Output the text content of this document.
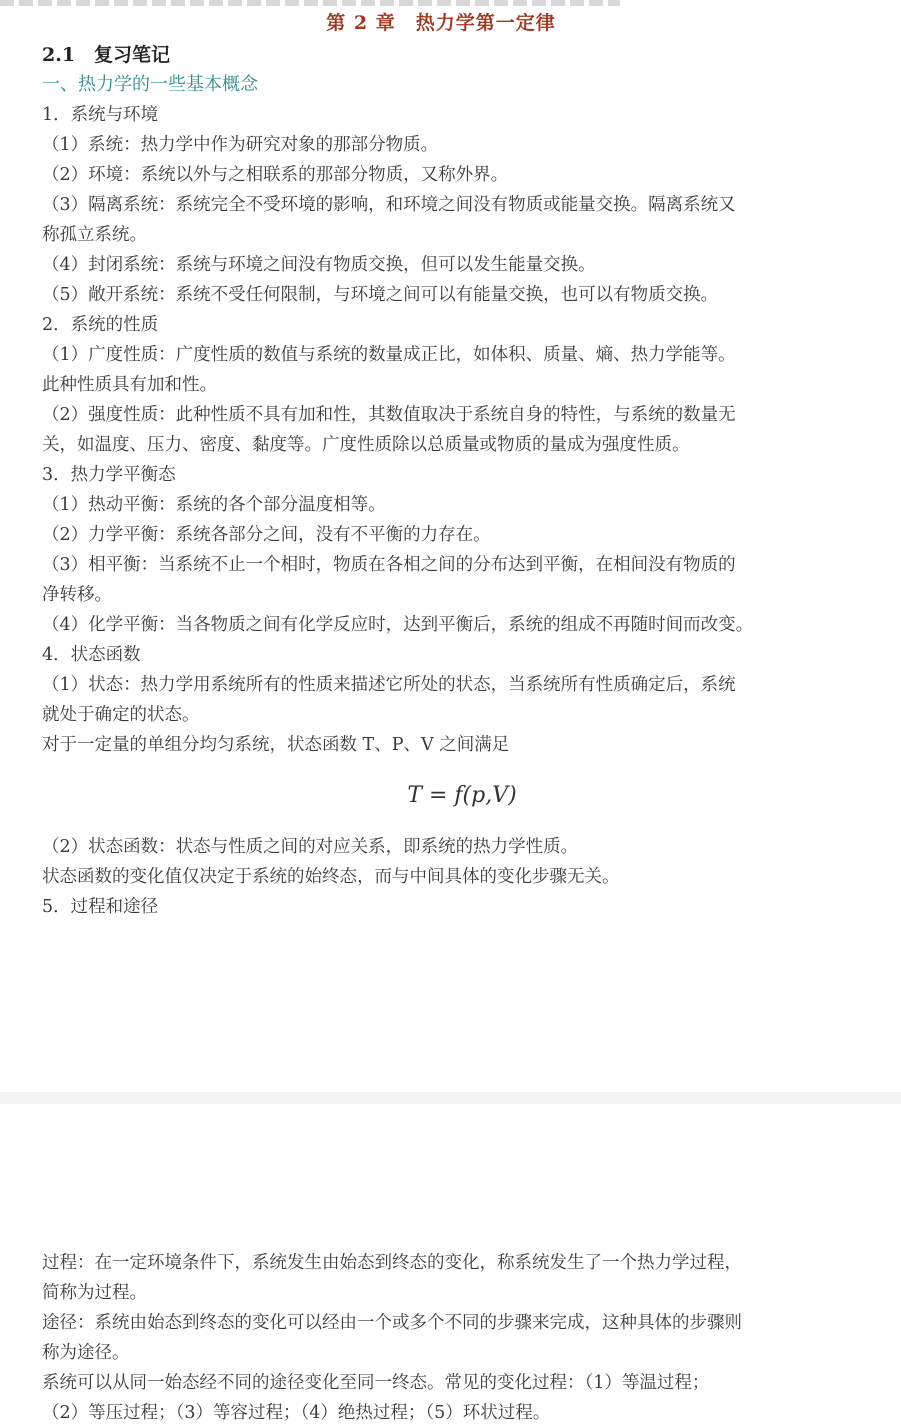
第 2 章　热力学第一定律
2.1　复习笔记
一、热力学的一些基本概念

1．系统与环境

（1）系统：热力学中作为研究对象的那部分物质。

（2）环境：系统以外与之相联系的那部分物质，又称外界。

（3）隔离系统：系统完全不受环境的影响，和环境之间没有物质或能量交换。隔离系统又

称孤立系统。

（4）封闭系统：系统与环境之间没有物质交换，但可以发生能量交换。

（5）敞开系统：系统不受任何限制，与环境之间可以有能量交换，也可以有物质交换。

2．系统的性质

（1）广度性质：广度性质的数值与系统的数量成正比，如体积、质量、熵、热力学能等。

此种性质具有加和性。

（2）强度性质：此种性质不具有加和性，其数值取决于系统自身的特性，与系统的数量无

关，如温度、压力、密度、黏度等。广度性质除以总质量或物质的量成为强度性质。

3．热力学平衡态

（1）热动平衡：系统的各个部分温度相等。

（2）力学平衡：系统各部分之间，没有不平衡的力存在。

（3）相平衡：当系统不止一个相时，物质在各相之间的分布达到平衡，在相间没有物质的

净转移。

（4）化学平衡：当各物质之间有化学反应时，达到平衡后，系统的组成不再随时间而改变。

4．状态函数

（1）状态：热力学用系统所有的性质来描述它所处的状态，当系统所有性质确定后，系统

就处于确定的状态。

对于一定量的单组分均匀系统，状态函数 T、P、V 之间满足

T = f(p,V)

（2）状态函数：状态与性质之间的对应关系，即系统的热力学性质。

状态函数的变化值仅决定于系统的始终态，而与中间具体的变化步骤无关。

5．过程和途径

过程：在一定环境条件下，系统发生由始态到终态的变化，称系统发生了一个热力学过程，

简称为过程。

途径：系统由始态到终态的变化可以经由一个或多个不同的步骤来完成，这种具体的步骤则

称为途径。

系统可以从同一始态经不同的途径变化至同一终态。常见的变化过程：（1）等温过程；

（2）等压过程；（3）等容过程；（4）绝热过程；（5）环状过程。
